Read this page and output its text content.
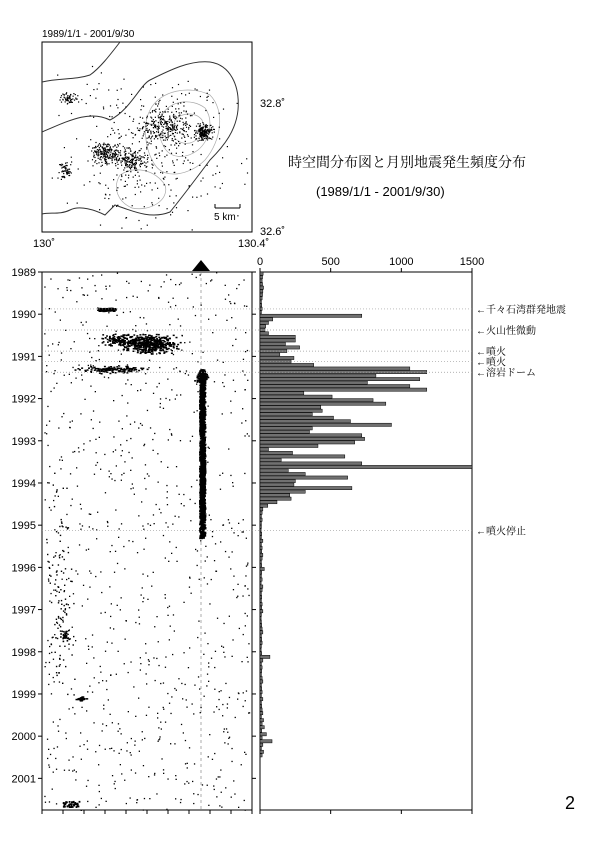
1989/1/1 - 2001/9/30
5 km
32.8˚
32.6˚
130˚	130.4˚
時空間分布図と月別地震発生頻度分布
(1989/1/1 - 2001/9/30)
1989
1990
1991
1992
1993
1994
1995
1996
1997
1998
1999
2000
2001
0	500	1000	1500
←千々石湾群発地震
←火山性微動
←噴火
←噴火
←溶岩ドーム
←噴火停止
2
